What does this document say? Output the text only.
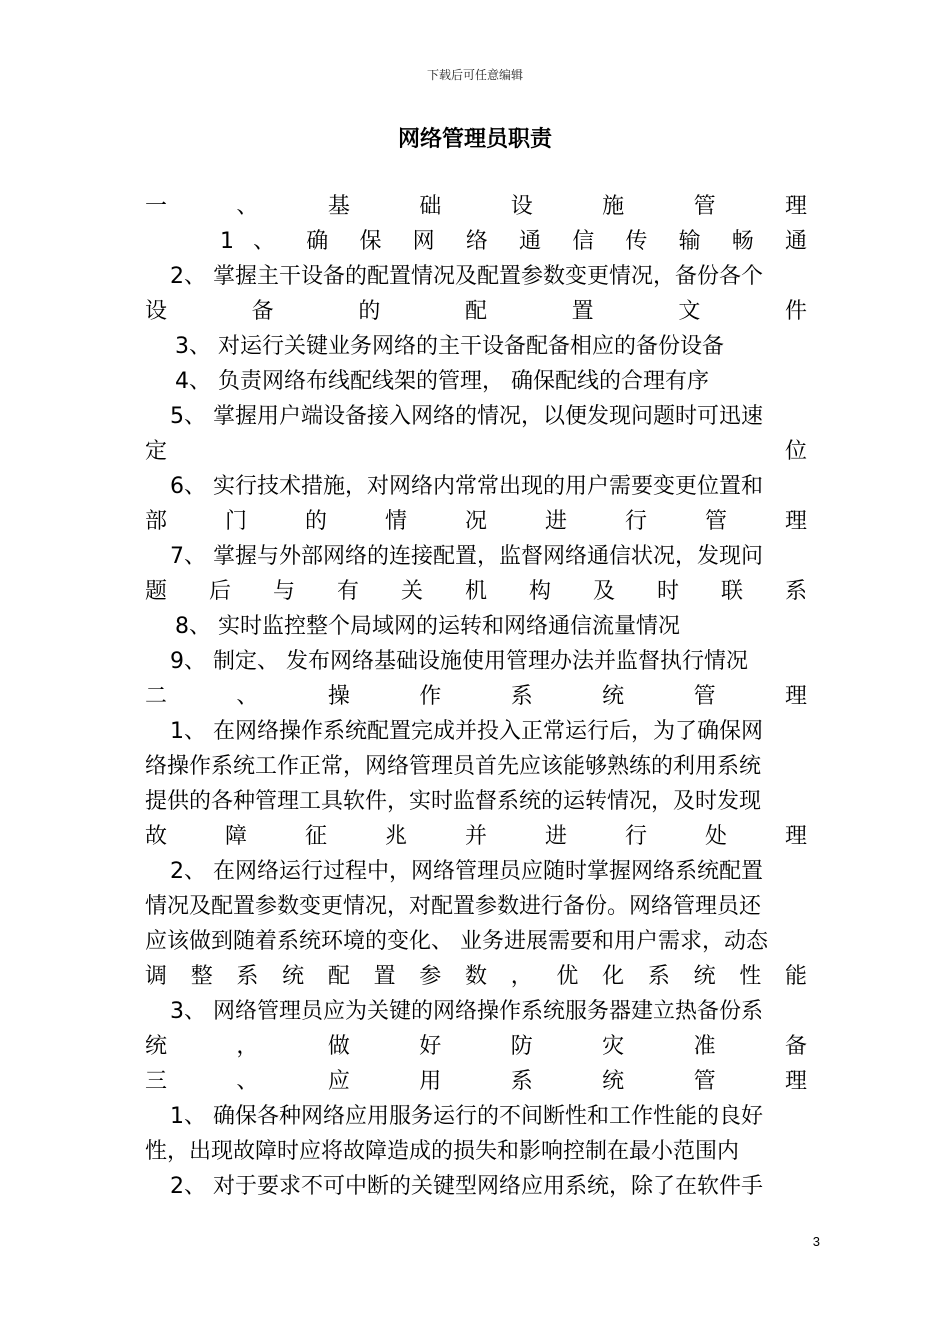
下载后可任意编辑
网络管理员职责
一 、 基 础 设 施 管 理
1 、 确 保 网 络 通 信 传 输 畅 通
2、 掌握主干设备的配置情况及配置参数变更情况，备份各个
设 备 的 配 置 文 件
3、 对运行关键业务网络的主干设备配备相应的备份设备
4、 负责网络布线配线架的管理， 确保配线的合理有序
5、 掌握用户端设备接入网络的情况，以便发现问题时可迅速
定 位
6、 实行技术措施，对网络内常常出现的用户需要变更位置和
部 门 的 情 况 进 行 管 理
7、 掌握与外部网络的连接配置，监督网络通信状况，发现问
题 后 与 有 关 机 构 及 时 联 系
8、 实时监控整个局域网的运转和网络通信流量情况
9、 制定、 发布网络基础设施使用管理办法并监督执行情况
二 、 操 作 系 统 管 理
1、 在网络操作系统配置完成并投入正常运行后，为了确保网
络操作系统工作正常，网络管理员首先应该能够熟练的利用系统
提供的各种管理工具软件，实时监督系统的运转情况，及时发现
故 障 征 兆 并 进 行 处 理
2、 在网络运行过程中，网络管理员应随时掌握网络系统配置
情况及配置参数变更情况，对配置参数进行备份。网络管理员还
应该做到随着系统环境的变化、 业务进展需要和用户需求，动态
调 整 系 统 配 置 参 数 ， 优 化 系 统 性 能
3、 网络管理员应为关键的网络操作系统服务器建立热备份系
统 ， 做 好 防 灾 准 备
三 、 应 用 系 统 管 理
1、 确保各种网络应用服务运行的不间断性和工作性能的良好
性，出现故障时应将故障造成的损失和影响控制在最小范围内
2、 对于要求不可中断的关键型网络应用系统，除了在软件手
3
